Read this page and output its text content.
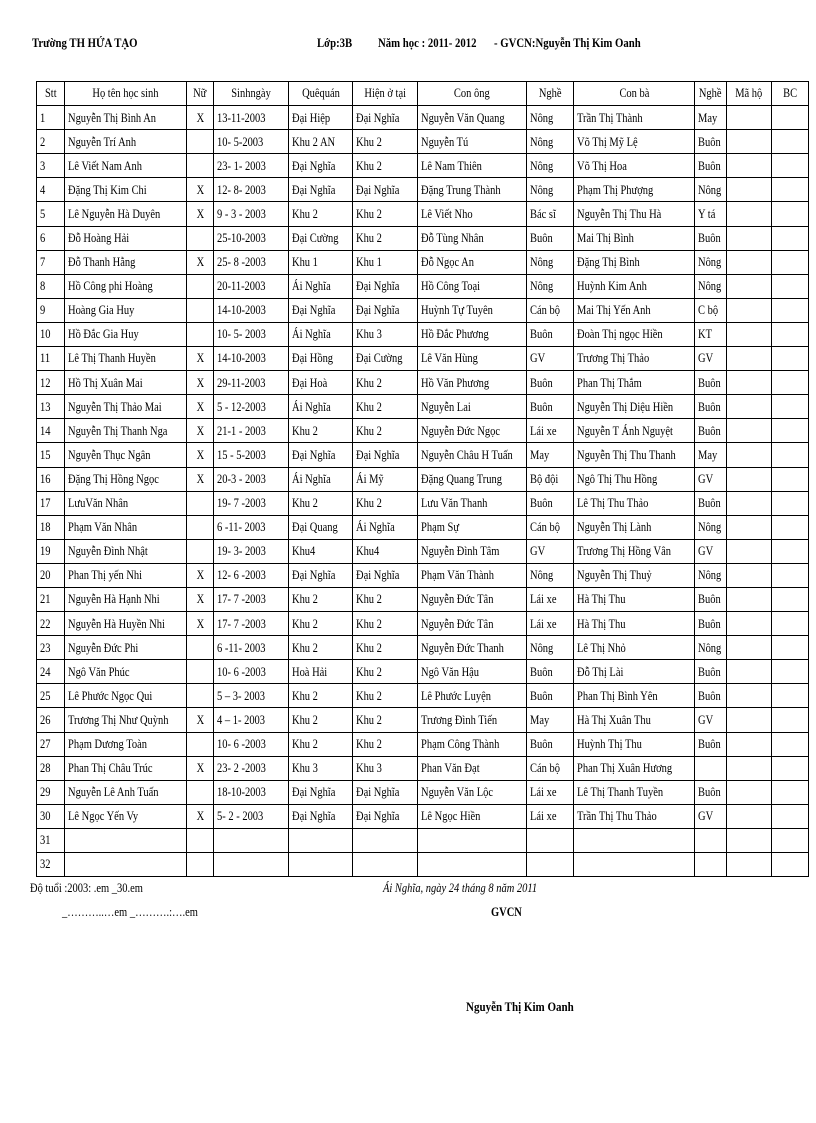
Trường TH HỨA TẠO	Lớp:3B Năm học : 2011- 2012 - GVCN:Nguyễn Thị Kim Oanh
Stt	Họ tên học sinh	Nữ	Sinhngày	Quêquán	Hiện ở tại	Con ông	Nghề	Con bà	Nghề	Mã hộ	BC
1	Nguyễn Thị Bình An	X	13-11-2003	Đại Hiệp	Đại Nghĩa	Nguyễn Văn Quang	Nông	Trần Thị Thành	May		
2	Nguyễn Trí Anh		10- 5-2003	Khu 2 AN	Khu 2	Nguyễn Tú	Nông	Võ Thị Mỹ Lệ	Buôn		
3	Lê Viết Nam Anh		23- 1- 2003	Đại Nghĩa	Khu 2	Lê Nam Thiên	Nông	Võ Thị Hoa	Buôn		
4	Đặng Thị Kim Chi	X	12- 8- 2003	Đại Nghĩa	Đại Nghĩa	Đặng Trung Thành	Nông	Phạm Thị Phượng	Nông		
5	Lê Nguyễn Hà Duyên	X	9 - 3 - 2003	Khu 2	Khu 2	Lê Viết Nho	Bác sĩ	Nguyễn Thị Thu Hà	Y tá		
6	Đỗ Hoàng Hải		25-10-2003	Đại Cường	Khu 2	Đỗ Tùng Nhân	Buôn	Mai Thị Bình	Buôn		
7	Đỗ Thanh Hằng	X	25- 8 -2003	Khu 1	Khu 1	Đỗ Ngọc An	Nông	Đặng Thị Bình	Nông		
8	Hồ Công phi Hoàng		20-11-2003	Ái Nghĩa	Đại Nghĩa	Hồ Công Toại	Nông	Huỳnh Kim Anh	Nông		
9	Hoàng Gia Huy		14-10-2003	Đại Nghĩa	Đại Nghĩa	Huỳnh Tự Tuyên	Cán bộ	Mai Thị Yến Anh	C bộ		
10	Hồ Đắc Gia Huy		10- 5- 2003	Ái Nghĩa	Khu 3	Hồ Đắc Phương	Buôn	Đoàn Thị ngọc Hiền	KT		
11	Lê Thị Thanh Huyền	X	14-10-2003	Đại Hồng	Đại Cường	Lê Văn Hùng	GV	Trương Thị Thảo	GV		
12	Hồ Thị Xuân Mai	X	29-11-2003	Đại Hoà	Khu 2	Hồ Văn Phương	Buôn	Phan Thị Thắm	Buôn		
13	Nguyễn Thị Thảo Mai	X	5 - 12-2003	Ái Nghĩa	Khu 2	Nguyễn Lai	Buôn	Nguyễn Thị Diệu Hiền	Buôn		
14	Nguyễn Thị Thanh Nga	X	21-1 - 2003	Khu 2	Khu 2	Nguyễn Đức Ngọc	Lái xe	Nguyễn T Ánh Nguyệt	Buôn		
15	Nguyễn Thục Ngân	X	15 - 5-2003	Đại Nghĩa	Đại Nghĩa	Nguyễn Châu H Tuấn	May	Nguyễn Thị Thu Thanh	May		
16	Đặng Thị Hồng Ngọc	X	20-3 - 2003	Ái Nghĩa	Ái Mỹ	Đặng Quang Trung	Bộ đội	Ngô Thị Thu Hồng	GV		
17	LưuVăn Nhân		19- 7 -2003	Khu 2	Khu 2	Lưu Văn Thanh	Buôn	Lê Thị Thu Thảo	Buôn		
18	Phạm Văn Nhân		6 -11- 2003	Đại Quang	Ái Nghĩa	Phạm Sự	Cán bộ	Nguyễn Thị Lành	Nông		
19	Nguyễn Đình Nhật		19- 3- 2003	Khu4	Khu4	Nguyễn Đình Tâm	GV	Trương Thị Hồng Vân	GV		
20	Phan Thị yến Nhi	X	12- 6 -2003	Đại Nghĩa	Đại Nghĩa	Phạm Văn Thành	Nông	Nguyễn Thị Thuỷ	Nông		
21	Nguyễn Hà Hạnh Nhi	X	17- 7 -2003	Khu 2	Khu 2	Nguyễn Đức Tân	Lái xe	Hà Thị Thu	Buôn		
22	Nguyễn Hà Huyền Nhi	X	17- 7 -2003	Khu 2	Khu 2	Nguyễn Đức Tân	Lái xe	Hà Thị Thu	Buôn		
23	Nguyễn Đức Phi		6 -11- 2003	Khu 2	Khu 2	Nguyễn Đức Thanh	Nông	Lê Thị Nhỏ	Nông		
24	Ngô Văn Phúc		10- 6 -2003	Hoà Hải	Khu 2	Ngô Văn Hậu	Buôn	Đỗ Thị Lài	Buôn		
25	Lê Phước Ngọc Qui		5 – 3- 2003	Khu 2	Khu 2	Lê Phước Luyện	Buôn	Phan Thị Bình Yên	Buôn		
26	Trương Thị Như Quỳnh	X	4 – 1- 2003	Khu 2	Khu 2	Trương Đình Tiến	May	Hà Thị Xuân Thu	GV		
27	Phạm Dương Toàn		10- 6 -2003	Khu 2	Khu 2	Phạm Công Thành	Buôn	Huỳnh Thị Thu	Buôn		
28	Phan Thị Châu Trúc	X	23- 2 -2003	Khu 3	Khu 3	Phan Văn Đạt	Cán bộ	Phan Thị Xuân Hương			
29	Nguyễn Lê Anh Tuấn		18-10-2003	Đại Nghĩa	Đại Nghĩa	Nguyễn Văn Lộc	Lái xe	Lê Thị Thanh Tuyền	Buôn		
30	Lê Ngọc Yến Vy	X	5- 2 - 2003	Đại Nghĩa	Đại Nghĩa	Lê Ngọc Hiền	Lái xe	Trần Thị Thu Thảo	GV		
31											
32											
Độ tuổi :2003: .em _30.em
_………..…em _……….:….em
Ái Nghĩa, ngày 24 tháng 8 năm 2011
GVCN
Nguyễn Thị Kim Oanh
